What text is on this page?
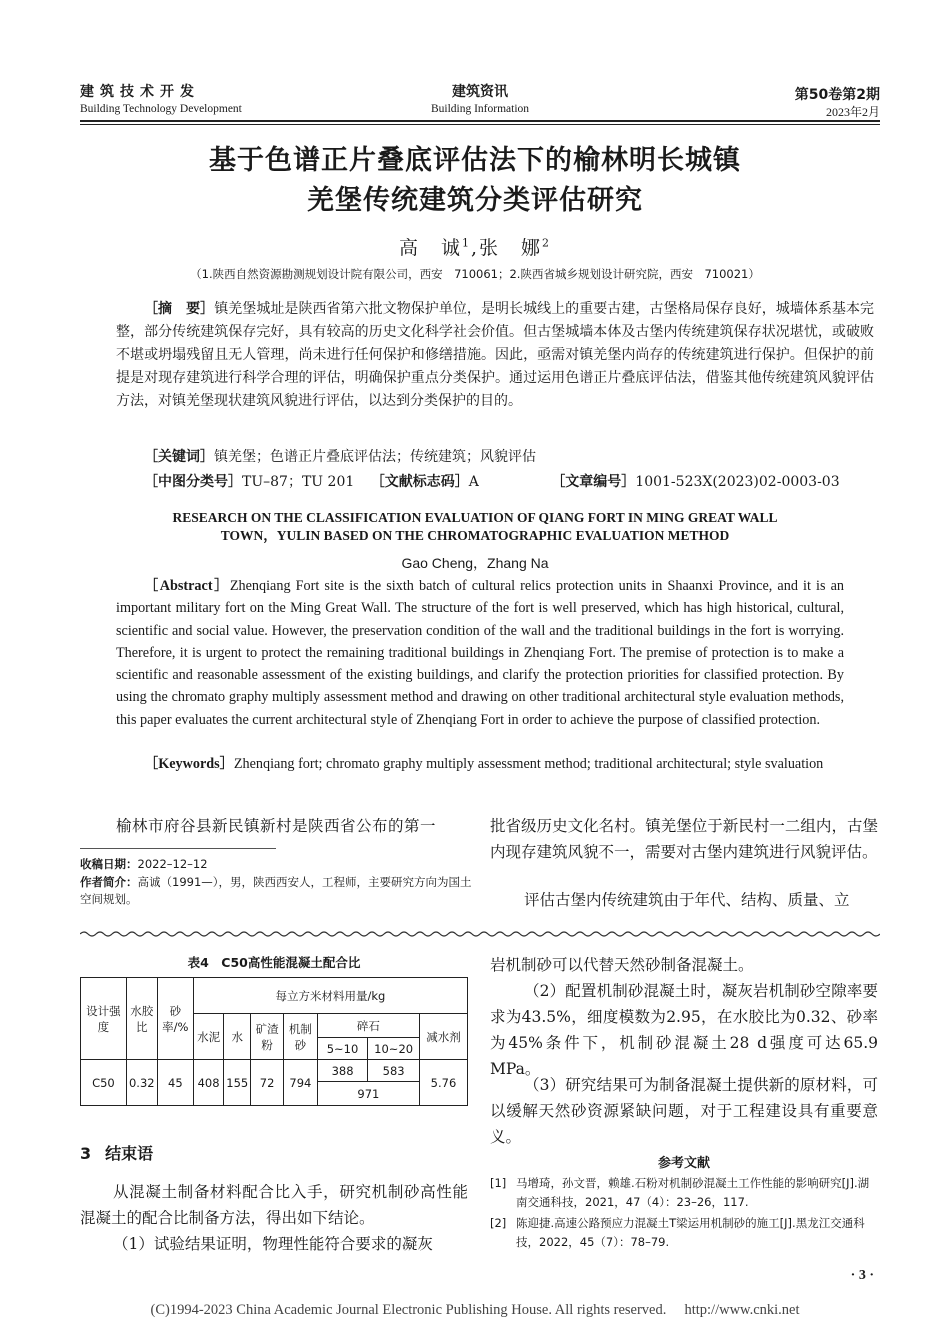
建筑技术开发
Building Technology Development
建筑资讯
Building Information
第50卷第2期
2023年2月
基于色谱正片叠底评估法下的榆林明长城镇
羌堡传统建筑分类评估研究
高　诚$^1$,张　娜$^2$
（1.陕西自然资源勘测规划设计院有限公司，西安　710061；2.陕西省城乡规划设计研究院，西安　710021）
［摘　要］镇羌堡城址是陕西省第六批文物保护单位，是明长城线上的重要古建，古堡格局保存良好，城墙体系基本完整，部分传统建筑保存完好，具有较高的历史文化科学社会价值。但古堡城墙本体及古堡内传统建筑保存状况堪忧，或破败不堪或坍塌残留且无人管理，尚未进行任何保护和修缮措施。因此，亟需对镇羌堡内尚存的传统建筑进行保护。但保护的前提是对现存建筑进行科学合理的评估，明确保护重点分类保护。通过运用色谱正片叠底评估法，借鉴其他传统建筑风貌评估方法，对镇羌堡现状建筑风貌进行评估，以达到分类保护的目的。
［关键词］镇羌堡；色谱正片叠底评估法；传统建筑；风貌评估
［中图分类号］TU–87；TU 201 ［文献标志码］A	［文章编号］1001-523X(2023)02-0003-03
RESEARCH ON THE CLASSIFICATION EVALUATION OF QIANG FORT IN MING GREAT WALL
TOWN，YULIN BASED ON THE CHROMATOGRAPHIC EVALUATION METHOD
Gao Cheng，Zhang Na
［Abstract］Zhenqiang Fort site is the sixth batch of cultural relics protection units in Shaanxi Province, and it is an important military fort on the Ming Great Wall. The structure of the fort is well preserved, which has high historical, cultural, scientific and social value. However, the preservation condition of the wall and the traditional buildings in the fort is worrying. Therefore, it is urgent to protect the remaining traditional buildings in Zhenqiang Fort. The premise of protection is to make a scientific and reasonable assessment of the existing buildings, and clarify the protection priorities for classified protection. By using the chromato graphy multiply assessment method and drawing on other traditional architectural style evaluation methods, this paper evaluates the current architectural style of Zhenqiang Fort in order to achieve the purpose of classified protection.
［Keywords］Zhenqiang fort; chromato graphy multiply assessment method; traditional architectural; style svaluation
榆林市府谷县新民镇新村是陕西省公布的第一
收稿日期：2022–12–12
作者简介：高诚（1991—），男，陕西西安人，工程师，主要研究方向为国土空间规划。
批省级历史文化名村。镇羌堡位于新民村一二组内，古堡内现存建筑风貌不一，需要对古堡内建筑进行风貌评估。
评估古堡内传统建筑由于年代、结构、质量、立
表4　C50高性能混凝土配合比
设计强度	水胶比	砂率/%	每立方米材料用量/kg						
			水泥	水	矿渣粉	机制砂	碎石		减水剂
							5~10	10~20	
C50	0.32	45	408	155	72	794	388	583	5.76
							971		
3 结束语
从混凝土制备材料配合比入手，研究机制砂高性能混凝土的配合比制备方法，得出如下结论。
（1）试验结果证明，物理性能符合要求的凝灰
岩机制砂可以代替天然砂制备混凝土。
（2）配置机制砂混凝土时，凝灰岩机制砂空隙率要求为43.5%，细度模数为2.95，在水胶比为0.32、砂率为45%条件下，机制砂混凝土28 d强度可达65.9 MPa。
（3）研究结果可为制备混凝土提供新的原材料，可以缓解天然砂资源紧缺问题，对于工程建设具有重要意义。
参考文献
[1] 马增琦，孙文晋，赖雄.石粉对机制砂混凝土工作性能的影响研究[J].湖南交通科技，2021，47（4）：23–26，117.
[2] 陈迎捷.高速公路预应力混凝土T梁运用机制砂的施工[J].黑龙江交通科技，2022，45（7）：78–79.
· 3 ·
(C)1994-2023 China Academic Journal Electronic Publishing House. All rights reserved.　 http://www.cnki.net
